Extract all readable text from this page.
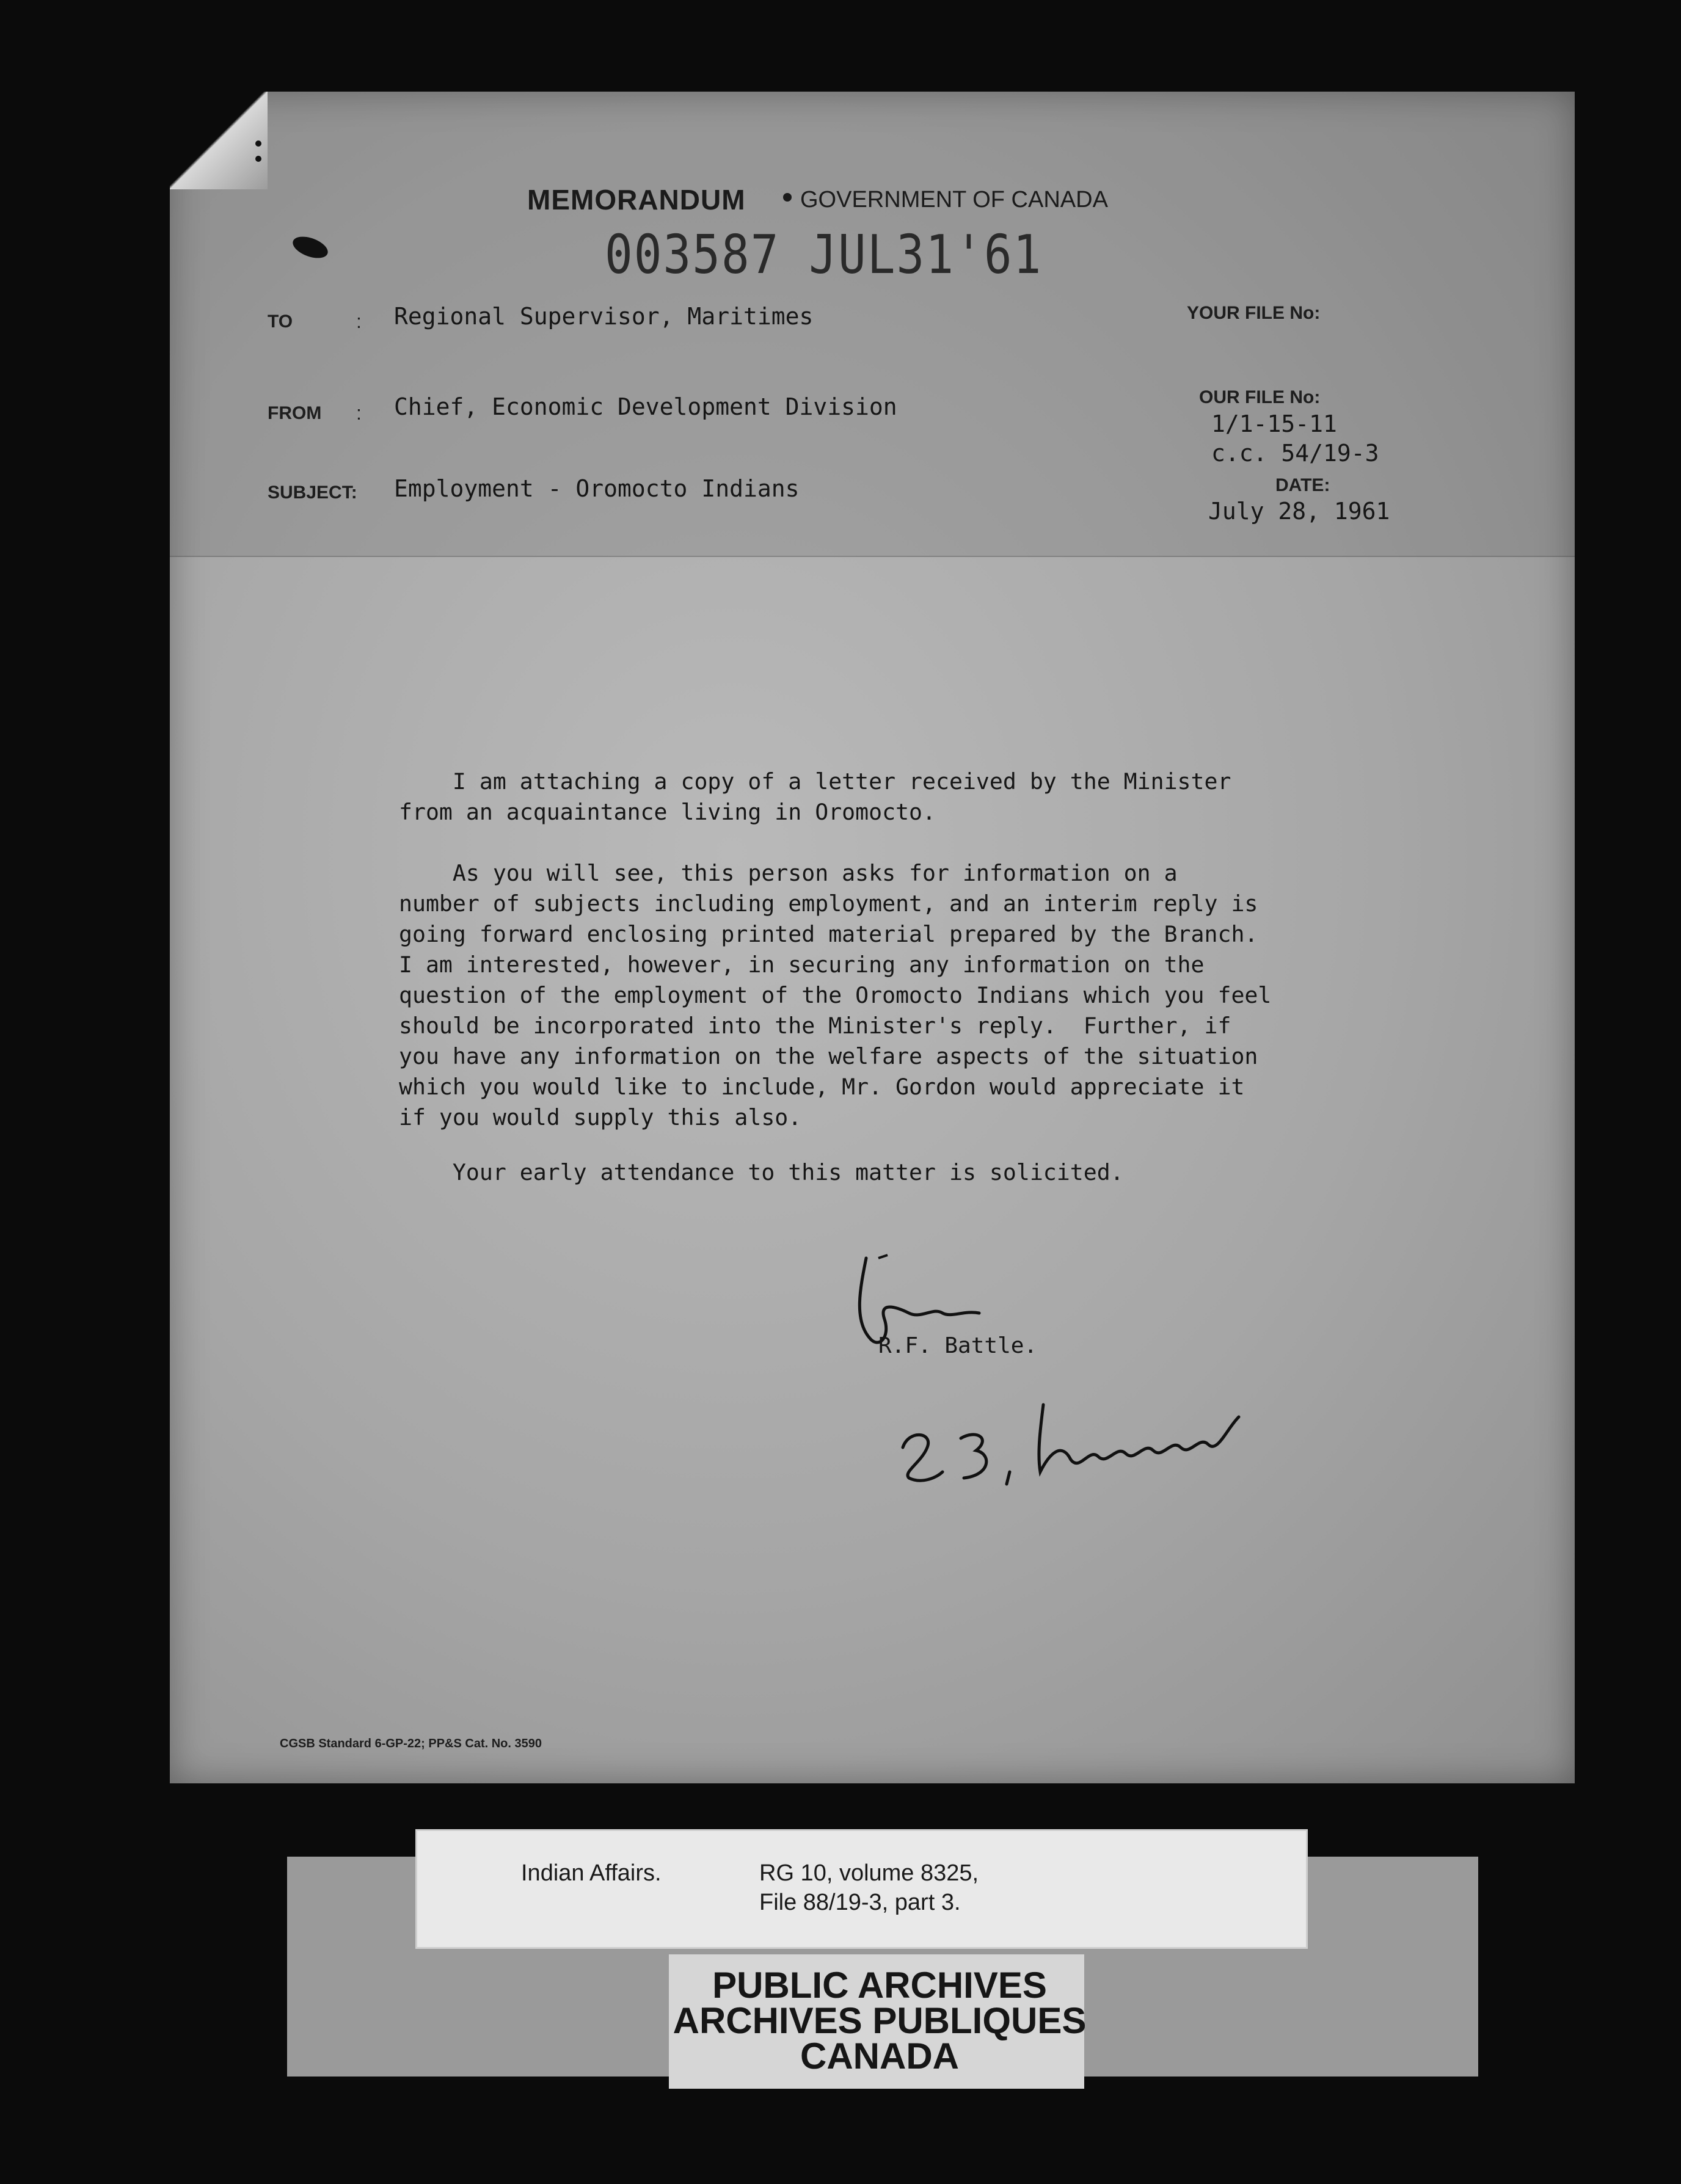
MEMORANDUM GOVERNMENT OF CANADA
003587 JUL31'61
TO	: Regional Supervisor, Maritimes
FROM : Chief, Economic Development Division
SUBJECT: Employment - Oromocto Indians
YOUR FILE No:
OUR FILE No:
1/1-15-11
c.c. 54/19-3
DATE:
July 28, 1961
I am attaching a copy of a letter received by the Minister
from an acquaintance living in Oromocto.
As you will see, this person asks for information on a
number of subjects including employment, and an interim reply is
going forward enclosing printed material prepared by the Branch.
I am interested, however, in securing any information on the
question of the employment of the Oromocto Indians which you feel
should be incorporated into the Minister's reply.  Further, if
you have any information on the welfare aspects of the situation
which you would like to include, Mr. Gordon would appreciate it
if you would supply this also.
Your early attendance to this matter is solicited.
R.F. Battle.
CGSB Standard 6-GP-22; PP&S Cat. No. 3590
Indian Affairs.	RG 10, volume 8325,
File 88/19-3, part 3.
PUBLIC ARCHIVES
ARCHIVES PUBLIQUES
CANADA
